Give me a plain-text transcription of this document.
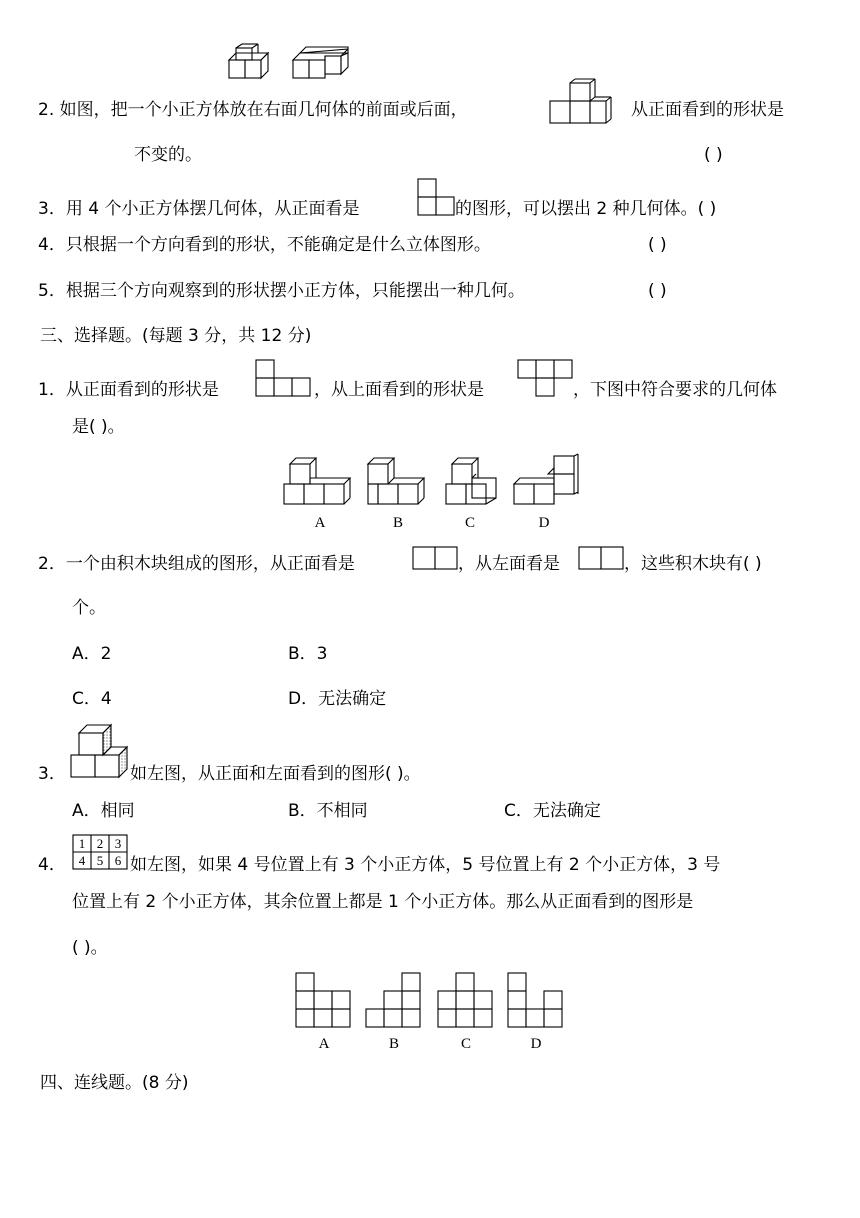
2. 如图，把一个小正方体放在右面几何体的前面或后面，	从正面看到的形状是
不变的。	( )
3．用 4 个小正方体摆几何体，从正面看是	的图形，可以摆出 2 种几何体。( )
4．只根据一个方向看到的形状，不能确定是什么立体图形。	( )
5．根据三个方向观察到的形状摆小正方体，只能摆出一种几何。	( )
三、选择题。(每题 3 分，共 12 分)
1．从正面看到的形状是	，从上面看到的形状是	，下图中符合要求的几何体
是( )。
A	B	C	D
2．一个由积木块组成的图形，从正面看是	，从左面看是	，这些积木块有( )
个。
A．2	B．3
C．4	D．无法确定
3．	如左图，从正面和左面看到的图形( )。
A．相同	B．不相同	C．无法确定
4．
1 2 3
4 5 6 如左图，如果 4 号位置上有 3 个小正方体，5 号位置上有 2 个小正方体，3 号
位置上有 2 个小正方体，其余位置上都是 1 个小正方体。那么从正面看到的图形是
( )。
A	B	C	D
四、连线题。(8 分)
